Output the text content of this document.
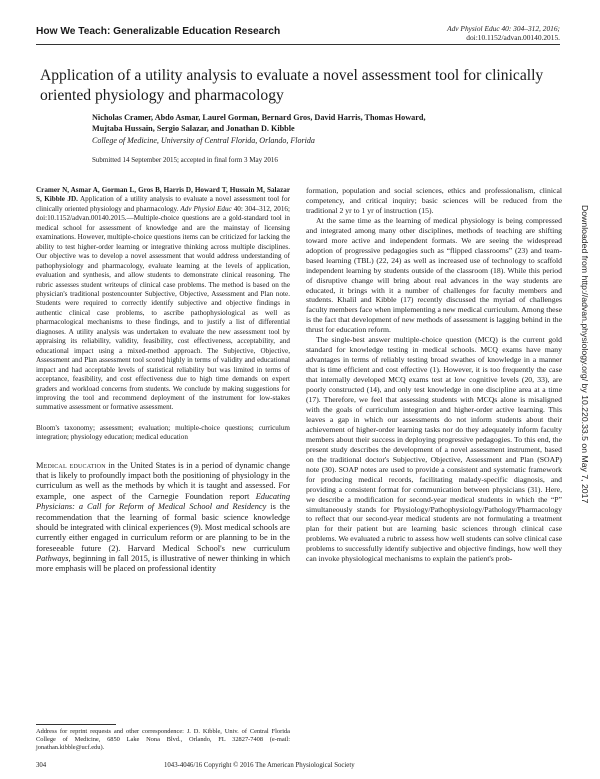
How We Teach: Generalizable Education Research	Adv Physiol Educ 40: 304–312, 2016;
doi:10.1152/advan.00140.2015.
Application of a utility analysis to evaluate a novel assessment tool for clinically oriented physiology and pharmacology
Nicholas Cramer, Abdo Asmar, Laurel Gorman, Bernard Gros, David Harris, Thomas Howard,
Mujtaba Hussain, Sergio Salazar, and Jonathan D. Kibble
College of Medicine, University of Central Florida, Orlando, Florida
Submitted 14 September 2015; accepted in final form 3 May 2016

Cramer N, Asmar A, Gorman L, Gros B, Harris D, Howard T, Hussain M, Salazar S, Kibble JD. Application of a utility analysis to evaluate a novel assessment tool for clinically oriented physiology and pharmacology. Adv Physiol Educ 40: 304–312, 2016; doi:10.1152/advan.00140.2015.—Multiple-choice questions are a gold-standard tool in medical school for assessment of knowledge and are the mainstay of licensing examinations. However, multiple-choice questions items can be criticized for lacking the ability to test higher-order learning or integrative thinking across multiple disciplines. Our objective was to develop a novel assessment that would address understanding of pathophysiology and pharmacology, evaluate learning at the levels of application, evaluation and synthesis, and allow students to demonstrate clinical reasoning. The rubric assesses student writeups of clinical case problems. The method is based on the physician's traditional postencounter Subjective, Objective, Assessment and Plan note. Students were required to correctly identify subjective and objective findings in authentic clinical case problems, to ascribe pathophysiological as well as pharmacological mechanisms to these findings, and to justify a list of differential diagnoses. A utility analysis was undertaken to evaluate the new assessment tool by appraising its reliability, validity, feasibility, cost effectiveness, acceptability, and educational impact using a mixed-method approach. The Subjective, Objective, Assessment and Plan assessment tool scored highly in terms of validity and educational impact and had acceptable levels of statistical reliability but was limited in terms of acceptance, feasibility, and cost effectiveness due to high time demands on expert graders and workload concerns from students. We conclude by making suggestions for improving the tool and recommend deployment of the instrument for low-stakes summative assessment or formative assessment.

Bloom's taxonomy; assessment; evaluation; multiple-choice questions; curriculum integration; physiology education; medical education

Medical education in the United States is in a period of dynamic change that is likely to profoundly impact both the positioning of physiology in the curriculum as well as the methods by which it is taught and assessed. For example, one aspect of the Carnegie Foundation report Educating Physicians: a Call for Reform of Medical School and Residency is the recommendation that the learning of formal basic science knowledge should be integrated with clinical experiences (9). Most medical schools are currently either engaged in curriculum reform or are planning to be in the foreseeable future (2). Harvard Medical School's new curriculum Pathways, beginning in fall 2015, is illustrative of newer thinking in which more emphasis will be placed on professional identity

formation, population and social sciences, ethics and professionalism, clinical competency, and critical inquiry; basic sciences will be reduced from the traditional 2 yr to 1 yr of instruction (15).

At the same time as the learning of medical physiology is being compressed and integrated among many other disciplines, methods of teaching are shifting toward more active and independent formats. We are seeing the widespread adoption of progressive pedagogies such as “flipped classrooms” (23) and team-based learning (TBL) (22, 24) as well as increased use of technology to scaffold independent learning by students outside of the classroom (18). While this period of disruptive change will bring about real advances in the way students are educated, it brings with it a number of challenges for faculty members and students. Khalil and Kibble (17) recently discussed the myriad of challenges faculty members face when implementing a new medical curriculum. Among these is the fact that development of new methods of assessment is lagging behind in the thrust for education reform.

The single-best answer multiple-choice question (MCQ) is the current gold standard for knowledge testing in medical schools. MCQ exams have many advantages in terms of reliably testing broad swathes of knowledge in a manner that is time efficient and cost effective (1). However, it is too frequently the case that internally developed MCQ exams test at low cognitive levels (20, 33), are poorly constructed (14), and only test knowledge in one discipline area at a time (17). Therefore, we feel that assessing students with MCQs alone is misaligned with the goals of curriculum integration and higher-order active learning. This leaves a gap in which our assessments do not inform students about their achievement of higher-order learning tasks nor do they adequately inform faculty members about their success in deploying progressive pedagogies. To this end, the present study describes the development of a novel assessment instrument, based on the traditional doctor's Subjective, Objective, Assessment and Plan (SOAP) note (30). SOAP notes are used to provide a consistent and systematic framework for producing medical records, facilitating malady-specific diagnosis, and providing a consistent format for communication between physicians (31). Here, we describe a modification for second-year medical students in which the “P” simultaneously stands for Physiology/Pathophysiology/Pathology/Pharmacology to reflect that our second-year medical students are not formulating a treatment plan for their patient but are learning basic sciences through clinical case problems. We evaluated a rubric to assess how well students can solve clinical case problems to successfully identify subjective and objective findings, how well they can invoke physiological mechanisms to explain the patient's prob-

Address for reprint requests and other correspondence: J. D. Kibble, Univ. of Central Florida College of Medicine, 6850 Lake Nona Blvd., Orlando, FL 32827-7408 (e-mail: jonathan.kibble@ucf.edu).
304	1043-4046/16 Copyright © 2016 The American Physiological Society
Downloaded from http://advan.physiology.org/ by 10.220.33.5 on May 7, 2017
